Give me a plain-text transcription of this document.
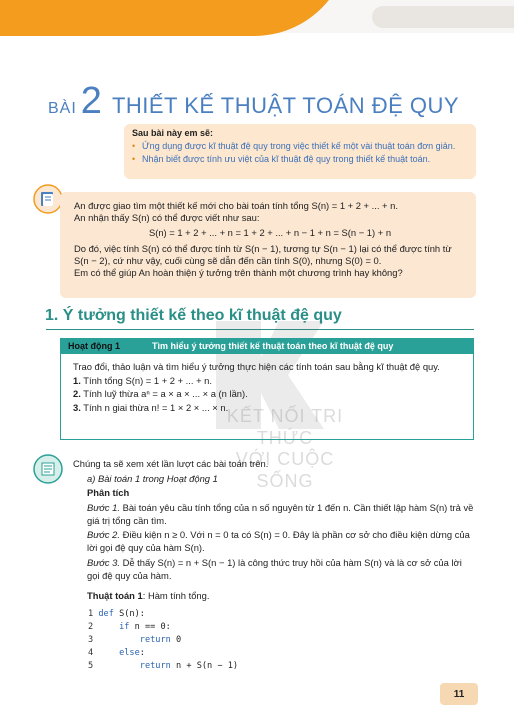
BÀI 2 THIẾT KẾ THUẬT TOÁN ĐỆ QUY
Sau bài này em sẽ:
• Ứng dụng được kĩ thuật đệ quy trong việc thiết kế một vài thuật toán đơn giản.
• Nhận biết được tính ưu việt của kĩ thuật đệ quy trong thiết kế thuật toán.

An được giao tìm một thiết kế mới cho bài toán tính tổng S(n) = 1 + 2 + ... + n.

An nhận thấy S(n) có thể được viết như sau:

S(n) = 1 + 2 + ... + n = 1 + 2 + ... + n − 1 + n = S(n − 1) + n

Do đó, việc tính S(n) có thể được tính từ S(n − 1), tương tự S(n − 1) lại có thể được tính từ S(n − 2), cứ như vậy, cuối cùng sẽ dẫn đến cần tính S(0), nhưng S(0) = 0.

Em có thể giúp An hoàn thiện ý tưởng trên thành một chương trình hay không?

1. Ý tưởng thiết kế theo kĩ thuật đệ quy
KẾT NỐI TRI THỨC
VỚI CUỘC SỐNG
Hoạt động 1	Tìm hiểu ý tưởng thiết kế thuật toán theo kĩ thuật đệ quy

Trao đổi, thảo luận và tìm hiểu ý tưởng thực hiện các tính toán sau bằng kĩ thuật đệ quy.

1. Tính tổng S(n) = 1 + 2 + ... + n.

2. Tính luỹ thừa aⁿ = a × a × ... × a (n lần).

3. Tính n giai thừa n! = 1 × 2 × ... × n.

Chúng ta sẽ xem xét lần lượt các bài toán trên.

a) Bài toán 1 trong Hoạt động 1

Phân tích

Bước 1. Bài toán yêu cầu tính tổng của n số nguyên từ 1 đến n. Cần thiết lập hàm S(n) trả về giá trị tổng cần tìm.

Bước 2. Điều kiện n ≥ 0. Với n = 0 ta có S(n) = 0. Đây là phần cơ sở cho điều kiện dừng của lời gọi đệ quy của hàm S(n).

Bước 3. Dễ thấy S(n) = n + S(n − 1) là công thức truy hồi của hàm S(n) và là cơ sở của lời gọi đệ quy của hàm.

Thuật toán 1: Hàm tính tổng.

1 def S(n):
2	if n == 0:
3	return 0
4	else:
5	return n + S(n − 1)
11
